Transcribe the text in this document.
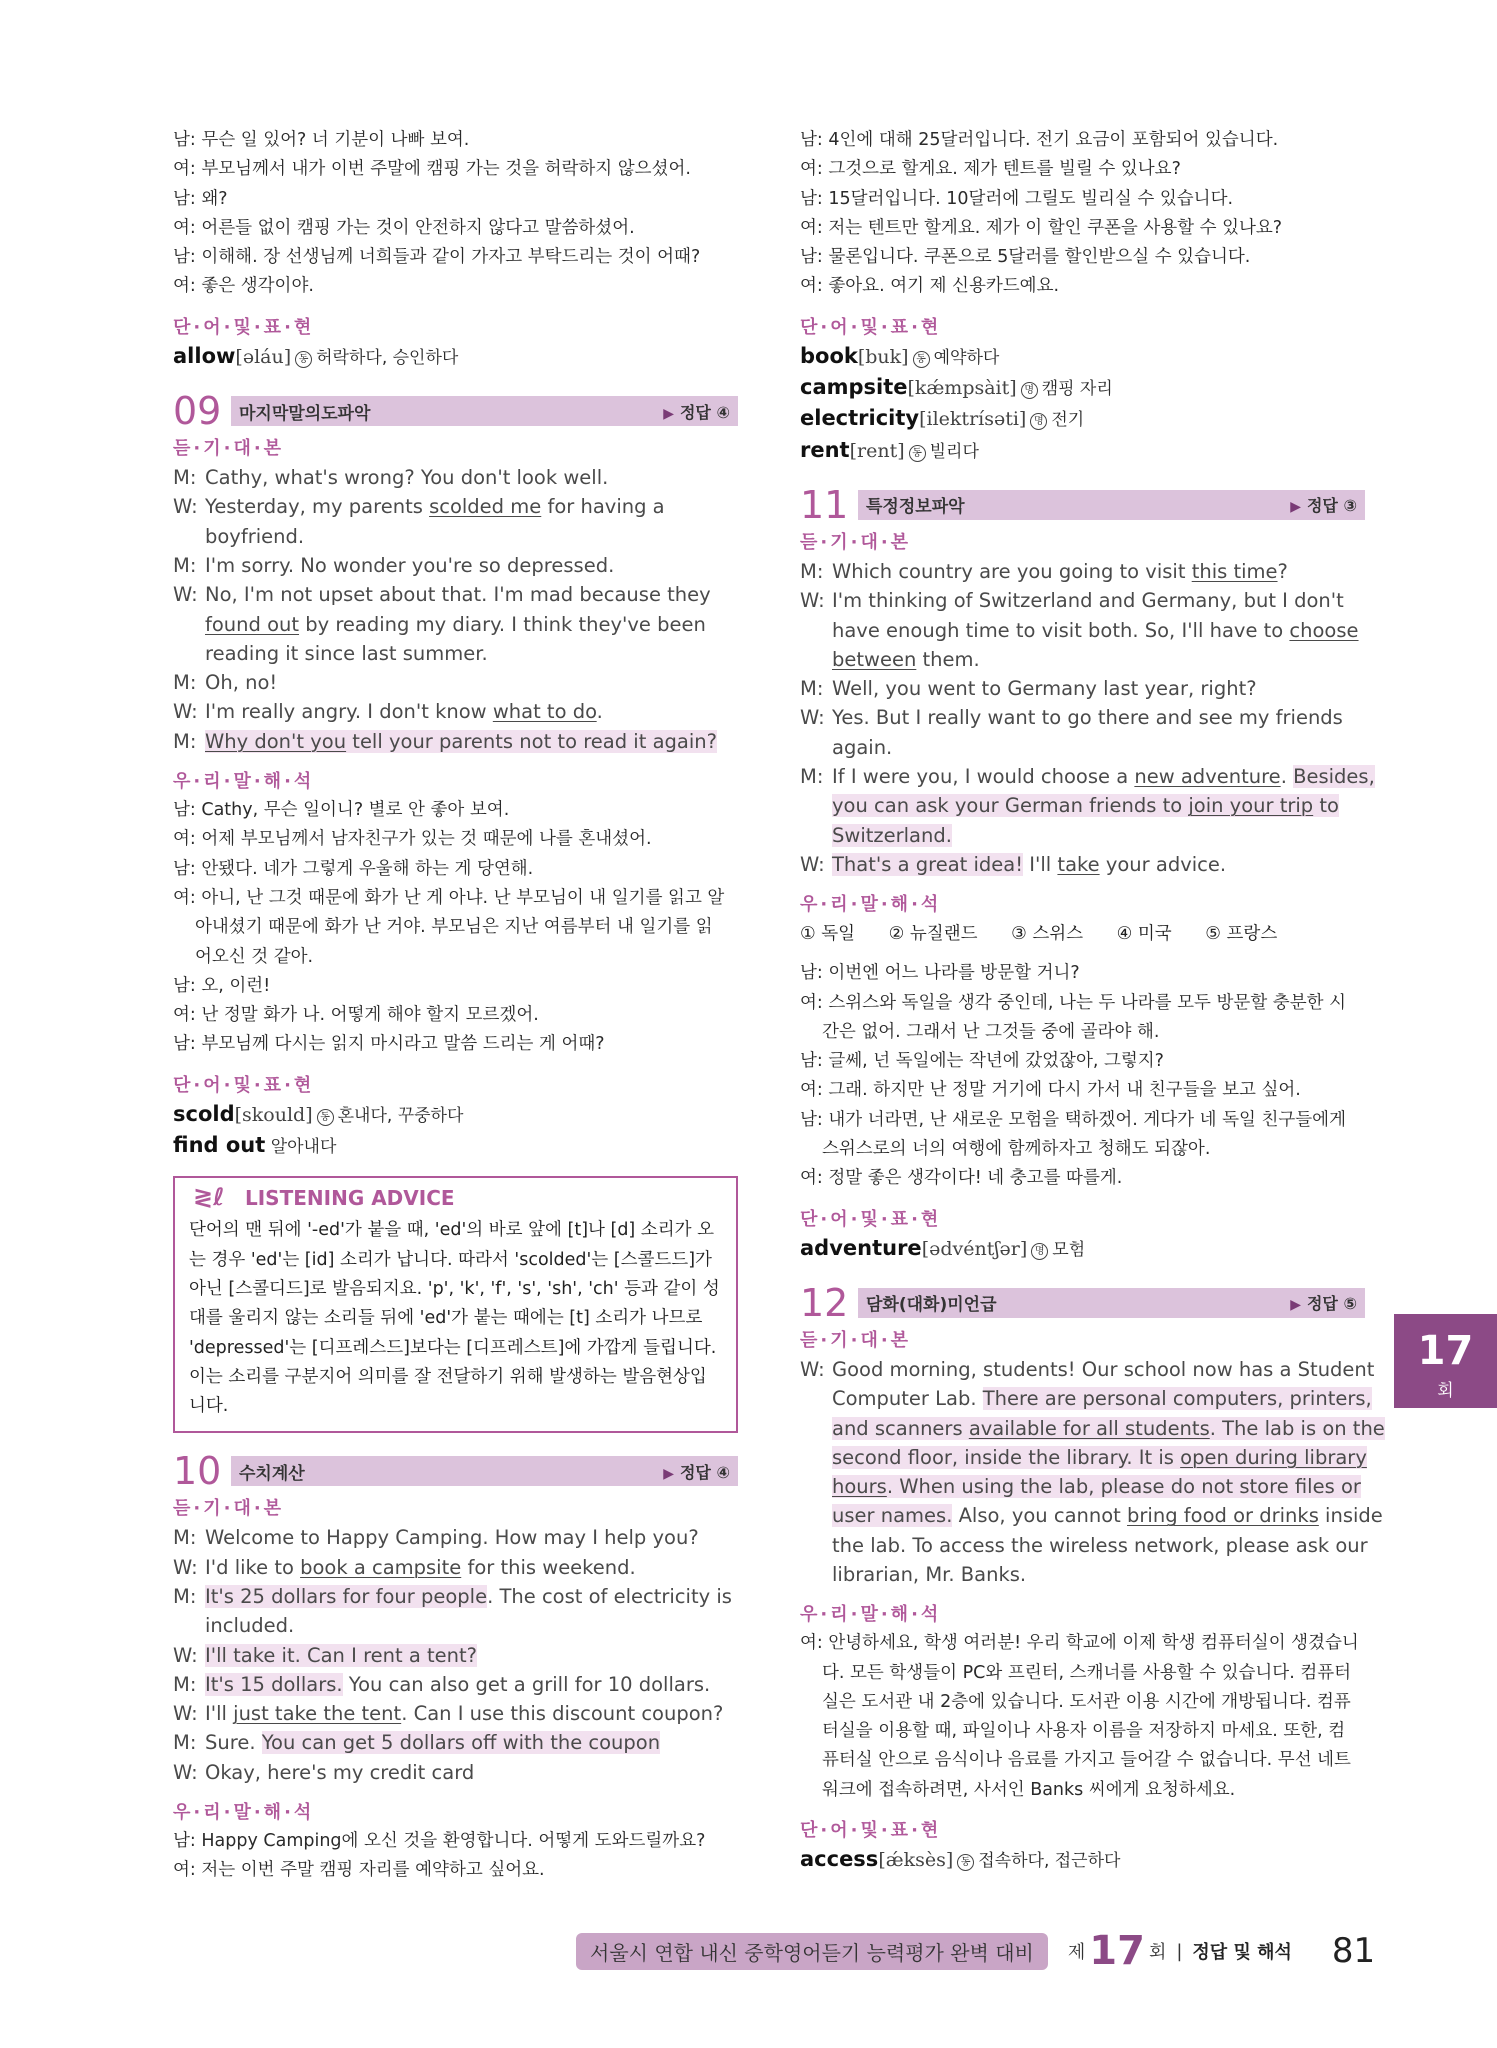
남: 무슨 일 있어? 너 기분이 나빠 보여.
여: 부모님께서 내가 이번 주말에 캠핑 가는 것을 허락하지 않으셨어.
남: 왜?
여: 어른들 없이 캠핑 가는 것이 안전하지 않다고 말씀하셨어.
남: 이해해. 장 선생님께 너희들과 같이 가자고 부탁드리는 것이 어때?
여: 좋은 생각이야.
단·어·및·표·현
allow[əláu] 동 허락하다, 승인하다
09	마지막말의도파악	▶ 정답 ④
듣·기·대·본
M: Cathy, what's wrong? You don't look well.
W: Yesterday, my parents scolded me for having a
boyfriend.
M: I'm sorry. No wonder you're so depressed.
W: No, I'm not upset about that. I'm mad because they
found out by reading my diary. I think they've been
reading it since last summer.
M: Oh, no!
W: I'm really angry. I don't know what to do.
M: Why don't you tell your parents not to read it again?
우·리·말·해·석
남: Cathy, 무슨 일이니? 별로 안 좋아 보여.
여: 어제 부모님께서 남자친구가 있는 것 때문에 나를 혼내셨어.
남: 안됐다. 네가 그렇게 우울해 하는 게 당연해.
여: 아니, 난 그것 때문에 화가 난 게 아냐. 난 부모님이 내 일기를 읽고 알
아내셨기 때문에 화가 난 거야. 부모님은 지난 여름부터 내 일기를 읽
어오신 것 같아.
남: 오, 이런!
여: 난 정말 화가 나. 어떻게 해야 할지 모르겠어.
남: 부모님께 다시는 읽지 마시라고 말씀 드리는 게 어때?
단·어·및·표·현
scold[skould] 동 혼내다, 꾸중하다
find out 알아내다
≷ℓ LISTENING ADVICE
단어의 맨 뒤에 '-ed'가 붙을 때, 'ed'의 바로 앞에 [t]나 [d] 소리가 오
는 경우 'ed'는 [id] 소리가 납니다. 따라서 'scolded'는 [스콜드드]가
아닌 [스콜디드]로 발음되지요. 'p', 'k', 'f', 's', 'sh', 'ch' 등과 같이 성
대를 울리지 않는 소리들 뒤에 'ed'가 붙는 때에는 [t] 소리가 나므로
'depressed'는 [디프레스드]보다는 [디프레스트]에 가깝게 들립니다.
이는 소리를 구분지어 의미를 잘 전달하기 위해 발생하는 발음현상입
니다.
10	수치계산	▶ 정답 ④
듣·기·대·본
M: Welcome to Happy Camping. How may I help you?
W: I'd like to book a campsite for this weekend.
M: It's 25 dollars for four people. The cost of electricity is
included.
W: I'll take it. Can I rent a tent?
M: It's 15 dollars. You can also get a grill for 10 dollars.
W: I'll just take the tent. Can I use this discount coupon?
M: Sure. You can get 5 dollars off with the coupon
W: Okay, here's my credit card
우·리·말·해·석
남: Happy Camping에 오신 것을 환영합니다. 어떻게 도와드릴까요?
여: 저는 이번 주말 캠핑 자리를 예약하고 싶어요.
남: 4인에 대해 25달러입니다. 전기 요금이 포함되어 있습니다.
여: 그것으로 할게요. 제가 텐트를 빌릴 수 있나요?
남: 15달러입니다. 10달러에 그릴도 빌리실 수 있습니다.
여: 저는 텐트만 할게요. 제가 이 할인 쿠폰을 사용할 수 있나요?
남: 물론입니다. 쿠폰으로 5달러를 할인받으실 수 있습니다.
여: 좋아요. 여기 제 신용카드예요.
단·어·및·표·현
book[buk] 동 예약하다
campsite[kǽmpsàit] 명 캠핑 자리
electricity[ilektrísəti] 명 전기
rent[rent] 동 빌리다
11	특정정보파악	▶ 정답 ③
듣·기·대·본
M: Which country are you going to visit this time?
W: I'm thinking of Switzerland and Germany, but I don't
have enough time to visit both. So, I'll have to choose
between them.
M: Well, you went to Germany last year, right?
W: Yes. But I really want to go there and see my friends
again.
M: If I were you, I would choose a new adventure. Besides,
you can ask your German friends to join your trip to
Switzerland.
W: That's a great idea! I'll take your advice.
우·리·말·해·석
① 독일 ② 뉴질랜드 ③ 스위스 ④ 미국 ⑤ 프랑스
남: 이번엔 어느 나라를 방문할 거니?
여: 스위스와 독일을 생각 중인데, 나는 두 나라를 모두 방문할 충분한 시
간은 없어. 그래서 난 그것들 중에 골라야 해.
남: 글쎄, 넌 독일에는 작년에 갔었잖아, 그렇지?
여: 그래. 하지만 난 정말 거기에 다시 가서 내 친구들을 보고 싶어.
남: 내가 너라면, 난 새로운 모험을 택하겠어. 게다가 네 독일 친구들에게
스위스로의 너의 여행에 함께하자고 청해도 되잖아.
여: 정말 좋은 생각이다! 네 충고를 따를게.
단·어·및·표·현
adventure[ədvéntʃər] 명 모험
12	담화(대화)미언급	▶ 정답 ⑤
듣·기·대·본
W: Good morning, students! Our school now has a Student
Computer Lab. There are personal computers, printers,
and scanners available for all students. The lab is on the
second floor, inside the library. It is open during library
hours. When using the lab, please do not store files or
user names. Also, you cannot bring food or drinks inside
the lab. To access the wireless network, please ask our
librarian, Mr. Banks.
우·리·말·해·석
여: 안녕하세요, 학생 여러분! 우리 학교에 이제 학생 컴퓨터실이 생겼습니
다. 모든 학생들이 PC와 프린터, 스캐너를 사용할 수 있습니다. 컴퓨터
실은 도서관 내 2층에 있습니다. 도서관 이용 시간에 개방됩니다. 컴퓨
터실을 이용할 때, 파일이나 사용자 이름을 저장하지 마세요. 또한, 컴
퓨터실 안으로 음식이나 음료를 가지고 들어갈 수 없습니다. 무선 네트
워크에 접속하려면, 사서인 Banks 씨에게 요청하세요.
단·어·및·표·현
access[ǽksès] 동 접속하다, 접근하다
17
회
서울시 연합 내신 중학영어듣기 능력평가 완벽 대비	제 17 회 | 정답 및 해석 81
